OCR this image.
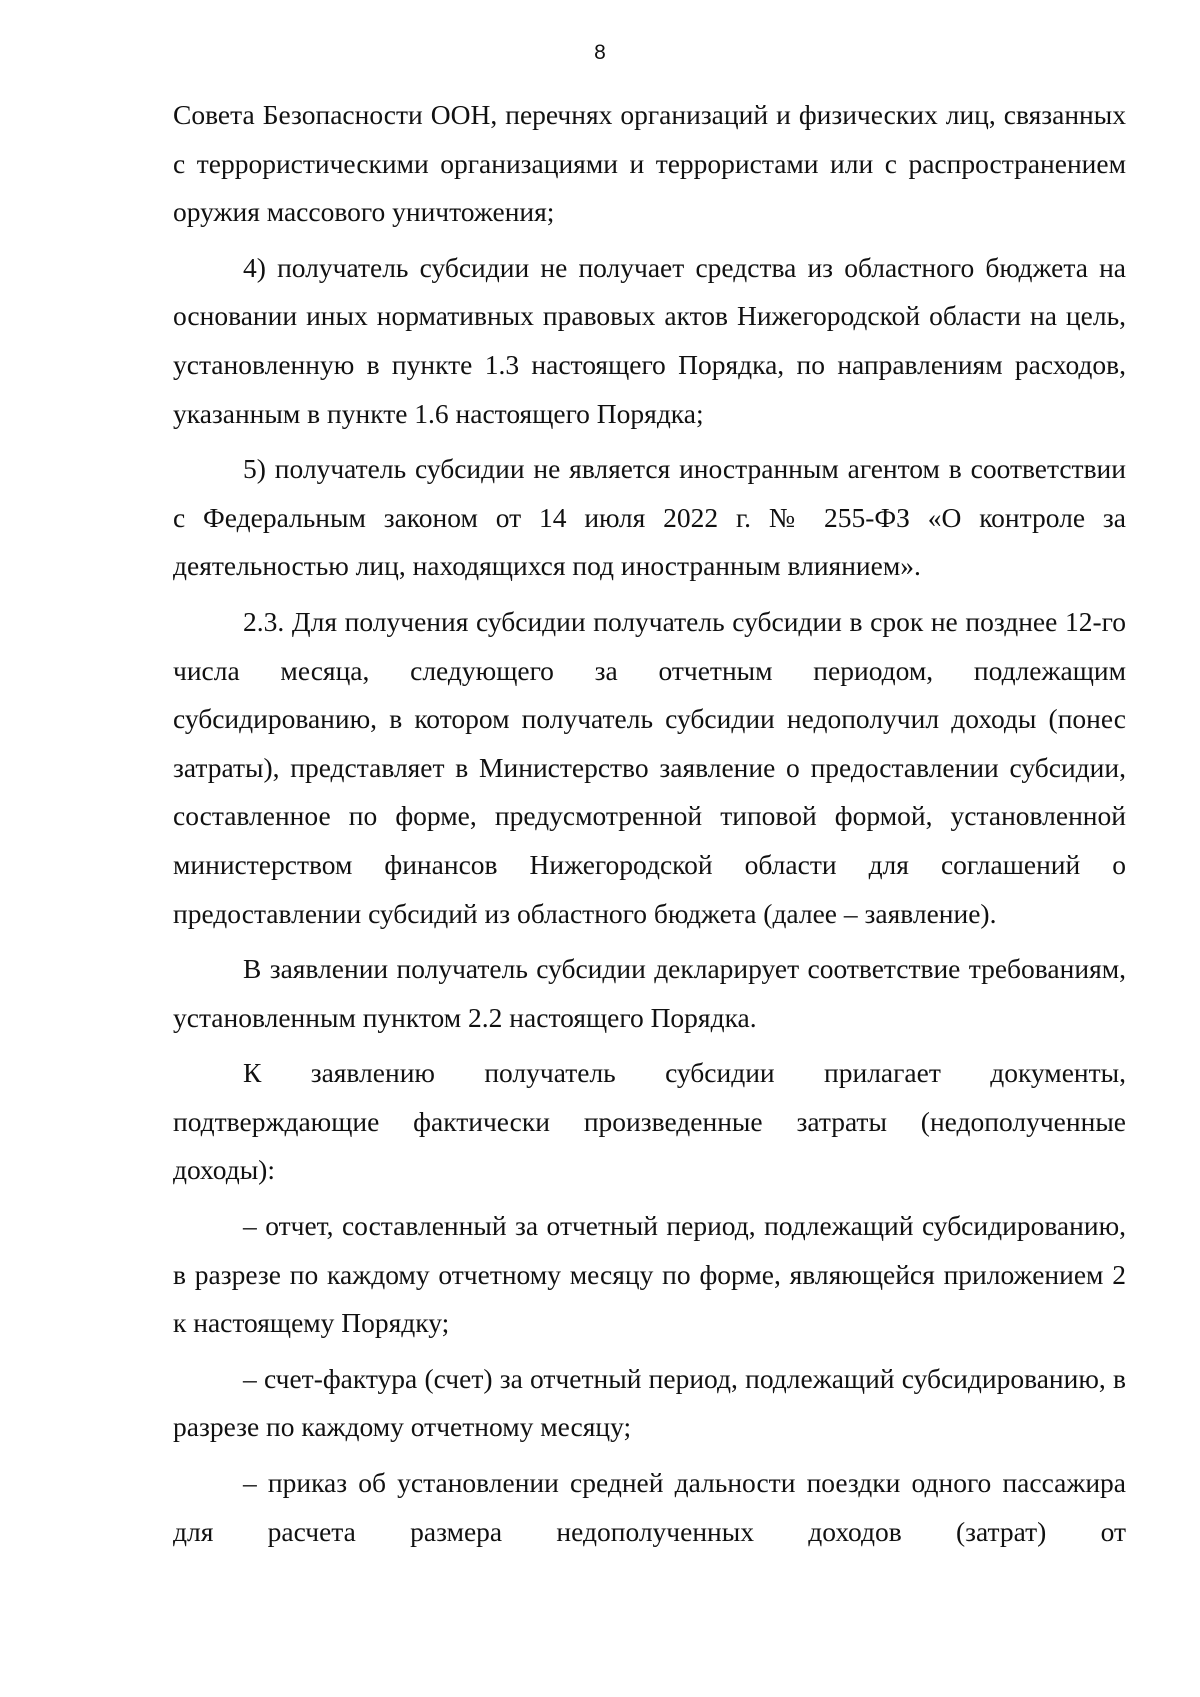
8

Совета Безопасности ООН, перечнях организаций и физических лиц, связанных с террористическими организациями и террористами или с распространением оружия массового уничтожения;

4) получатель субсидии не получает средства из областного бюджета на основании иных нормативных правовых актов Нижегородской области на цель, установленную в пункте 1.3 настоящего Порядка, по направлениям расходов, указанным в пункте 1.6 настоящего Порядка;

5) получатель субсидии не является иностранным агентом в соответствии с Федеральным законом от 14 июля 2022 г. № 255-ФЗ «О контроле за деятельностью лиц, находящихся под иностранным влиянием».

2.3. Для получения субсидии получатель субсидии в срок не позднее 12-го числа месяца, следующего за отчетным периодом, подлежащим субсидированию, в котором получатель субсидии недополучил доходы (понес затраты), представляет в Министерство заявление о предоставлении субсидии, составленное по форме, предусмотренной типовой формой, установленной министерством финансов Нижегородской области для соглашений о предоставлении субсидий из областного бюджета (далее – заявление).

В заявлении получатель субсидии декларирует соответствие требованиям, установленным пунктом 2.2 настоящего Порядка.

К заявлению получатель субсидии прилагает документы, подтверждающие фактически произведенные затраты (недополученные доходы):

– отчет, составленный за отчетный период, подлежащий субсидированию, в разрезе по каждому отчетному месяцу по форме, являющейся приложением 2 к настоящему Порядку;

– счет-фактура (счет) за отчетный период, подлежащий субсидированию, в разрезе по каждому отчетному месяцу;

– приказ об установлении средней дальности поездки одного пассажира для расчета размера недополученных доходов (затрат) от
